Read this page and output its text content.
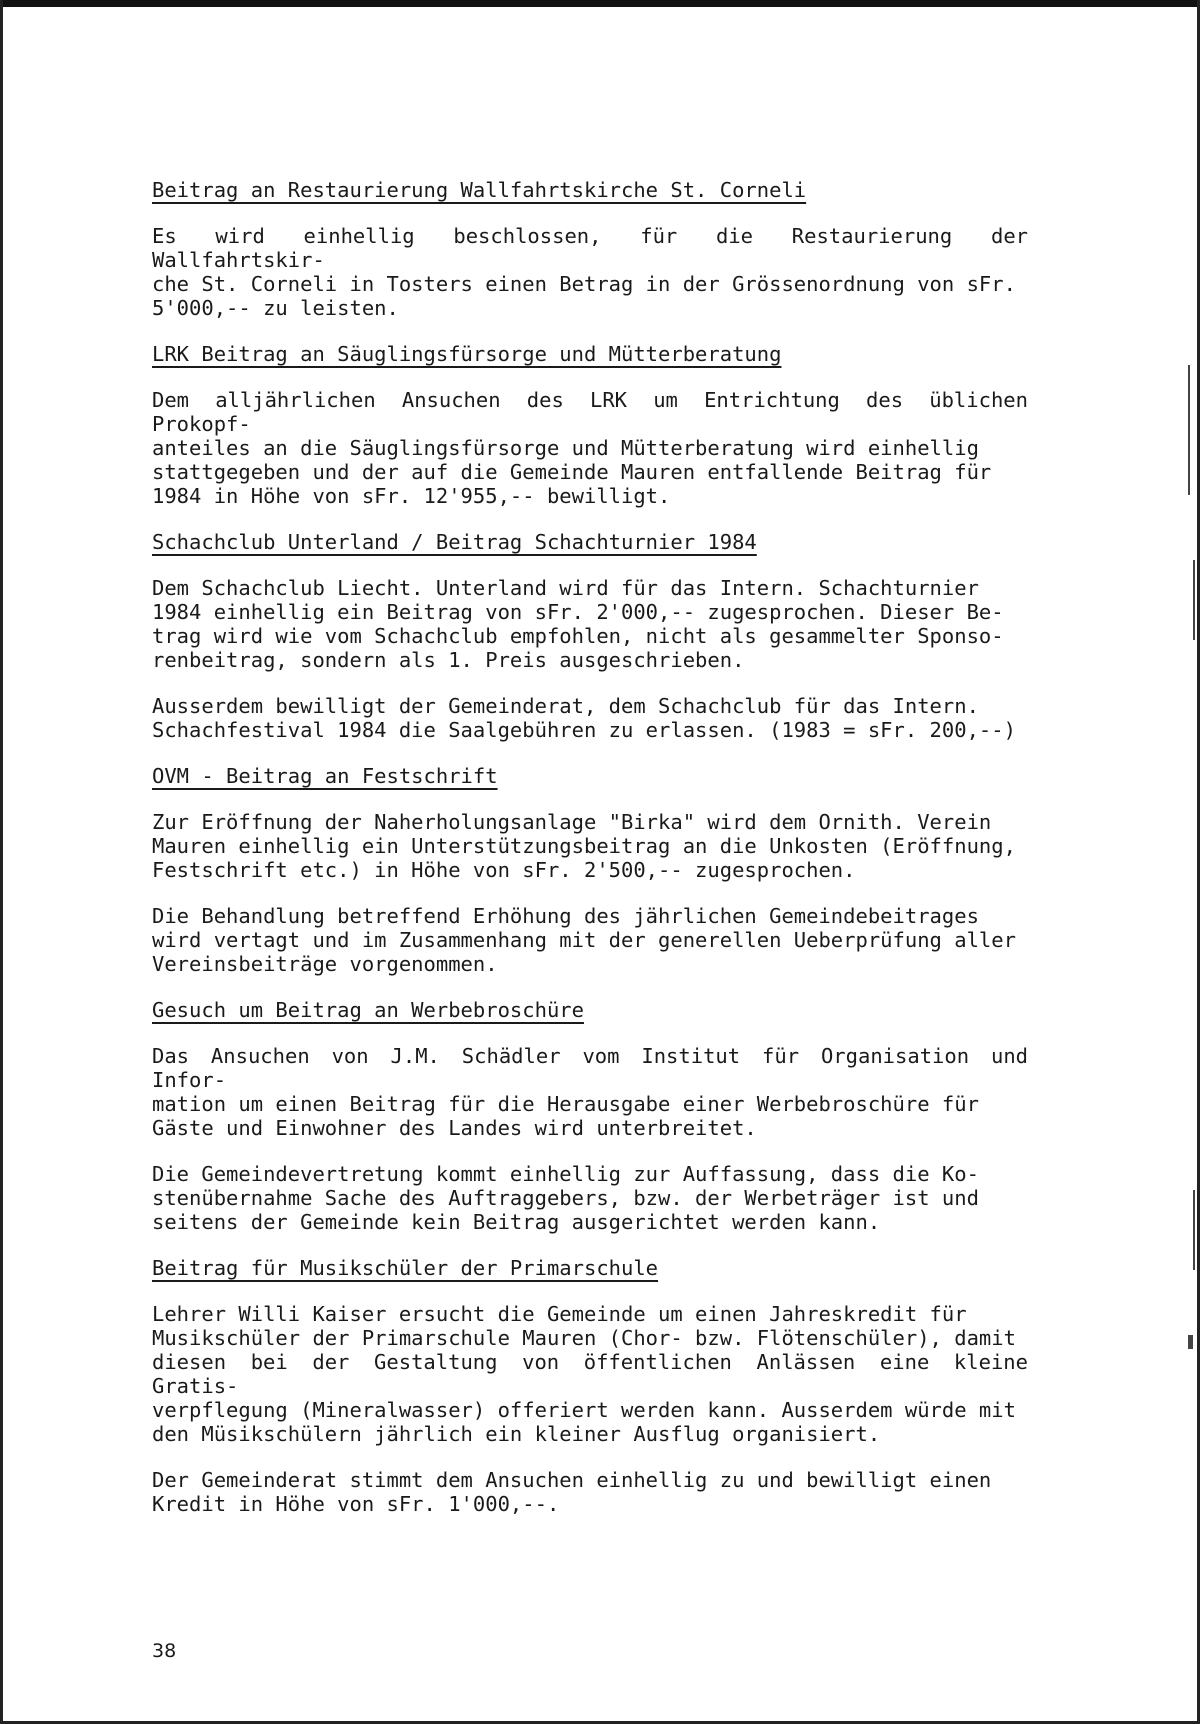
Beitrag an Restaurierung Wallfahrtskirche St. Corneli
Es wird einhellig beschlossen, für die Restaurierung der Wallfahrtskir-
che St. Corneli in Tosters einen Betrag in der Grössenordnung von sFr.
5'000,-- zu leisten.
LRK Beitrag an Säuglingsfürsorge und Mütterberatung
Dem alljährlichen Ansuchen des LRK um Entrichtung des üblichen Prokopf-
anteiles an die Säuglingsfürsorge und Mütterberatung wird einhellig
stattgegeben und der auf die Gemeinde Mauren entfallende Beitrag für
1984 in Höhe von sFr. 12'955,-- bewilligt.
Schachclub Unterland / Beitrag Schachturnier 1984
Dem Schachclub Liecht. Unterland wird für das Intern. Schachturnier
1984 einhellig ein Beitrag von sFr. 2'000,-- zugesprochen. Dieser Be-
trag wird wie vom Schachclub empfohlen, nicht als gesammelter Sponso-
renbeitrag, sondern als 1. Preis ausgeschrieben.
Ausserdem bewilligt der Gemeinderat, dem Schachclub für das Intern.
Schachfestival 1984 die Saalgebühren zu erlassen. (1983 = sFr. 200,--)
OVM - Beitrag an Festschrift
Zur Eröffnung der Naherholungsanlage "Birka" wird dem Ornith. Verein
Mauren einhellig ein Unterstützungsbeitrag an die Unkosten (Eröffnung,
Festschrift etc.) in Höhe von sFr. 2'500,-- zugesprochen.
Die Behandlung betreffend Erhöhung des jährlichen Gemeindebeitrages
wird vertagt und im Zusammenhang mit der generellen Ueberprüfung aller
Vereinsbeiträge vorgenommen.
Gesuch um Beitrag an Werbebroschüre
Das Ansuchen von J.M. Schädler vom Institut für Organisation und Infor-
mation um einen Beitrag für die Herausgabe einer Werbebroschüre für
Gäste und Einwohner des Landes wird unterbreitet.
Die Gemeindevertretung kommt einhellig zur Auffassung, dass die Ko-
stenübernahme Sache des Auftraggebers, bzw. der Werbeträger ist und
seitens der Gemeinde kein Beitrag ausgerichtet werden kann.
Beitrag für Musikschüler der Primarschule
Lehrer Willi Kaiser ersucht die Gemeinde um einen Jahreskredit für
Musikschüler der Primarschule Mauren (Chor- bzw. Flötenschüler), damit
diesen bei der Gestaltung von öffentlichen Anlässen eine kleine Gratis-
verpflegung (Mineralwasser) offeriert werden kann. Ausserdem würde mit
den Müsikschülern jährlich ein kleiner Ausflug organisiert.
Der Gemeinderat stimmt dem Ansuchen einhellig zu und bewilligt einen
Kredit in Höhe von sFr. 1'000,--.
38
